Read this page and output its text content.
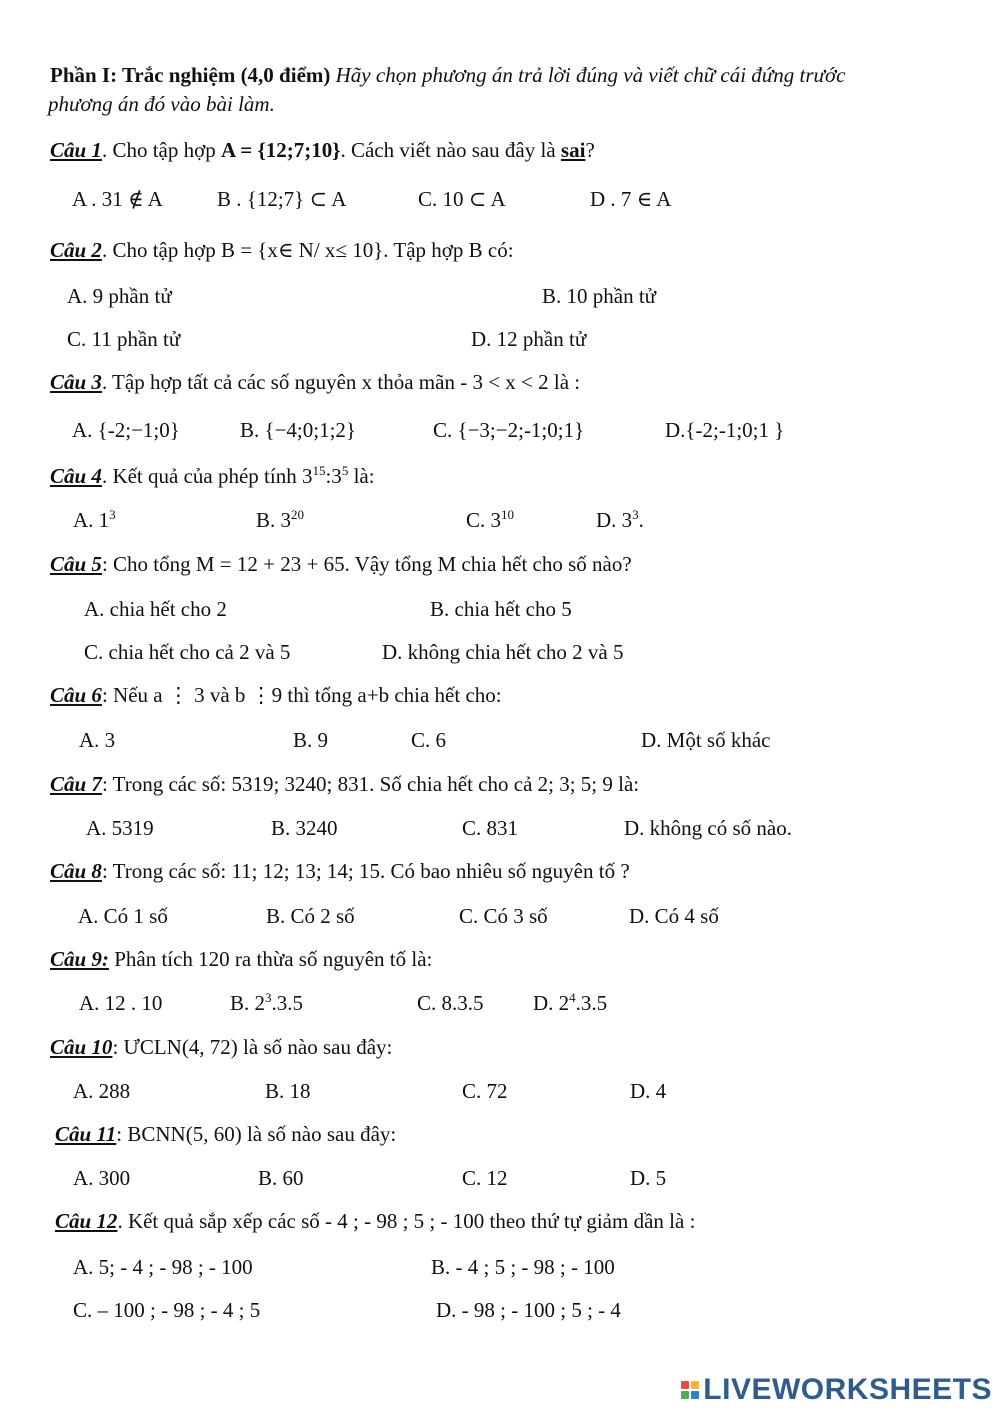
Phần I: Trắc nghiệm (4,0 điểm) Hãy chọn phương án trả lời đúng và viết chữ cái đứng trước
phương án đó vào bài làm.
Câu 1. Cho tập hợp A = {12;7;10}. Cách viết nào sau đây là sai?
A . 31 ∉ A	B . {12;7} ⊂ A	C. 10 ⊂ A	D . 7 ∈ A
Câu 2. Cho tập hợp B = {x∈ N/ x≤ 10}. Tập hợp B có:
A. 9 phần tử	B. 10 phần tử
C. 11 phần tử	D. 12 phần tử
Câu 3. Tập hợp tất cả các số nguyên x thỏa mãn - 3 < x < 2 là :
A. {-2;−1;0}	B. {−4;0;1;2}	C. {−3;−2;-1;0;1}	D.{-2;-1;0;1 }
Câu 4. Kết quả của phép tính $3^{15}:3^5$ là:
A. $1^3$	B. $3^{20}$	C. $3^{10}$	D. $3^3$.
Câu 5: Cho tổng M = 12 + 23 + 65. Vậy tổng M chia hết cho số nào?
A. chia hết cho 2	B. chia hết cho 5
C. chia hết cho cả 2 và 5	D. không chia hết cho 2 và 5
Câu 6: Nếu a ⋮ 3 và b ⋮9 thì tổng a+b chia hết cho:
A. 3	B. 9	C. 6	D. Một số khác
Câu 7: Trong các số: 5319; 3240; 831. Số chia hết cho cả 2; 3; 5; 9 là:
A. 5319	B. 3240	C. 831	D. không có số nào.
Câu 8: Trong các số: 11; 12; 13; 14; 15. Có bao nhiêu số nguyên tố ?
A. Có 1 số	B. Có 2 số	C. Có 3 số	D. Có 4 số
Câu 9: Phân tích 120 ra thừa số nguyên tố là:
A. 12 . 10	B. $2^3.3.5$	C. 8.3.5 D. $2^4.3.5$
Câu 10: ƯCLN(4, 72) là số nào sau đây:
A. 288	B. 18	C. 72	D. 4
Câu 11: BCNN(5, 60) là số nào sau đây:
A. 300	B. 60	C. 12	D. 5
Câu 12. Kết quả sắp xếp các số - 4 ; - 98 ; 5 ; - 100 theo thứ tự giảm dần là :
A. 5; - 4 ; - 98 ; - 100	B. - 4 ; 5 ; - 98 ; - 100
C. – 100 ; - 98 ; - 4 ; 5	D. - 98 ; - 100 ; 5 ; - 4
LIVEWORKSHEETS
